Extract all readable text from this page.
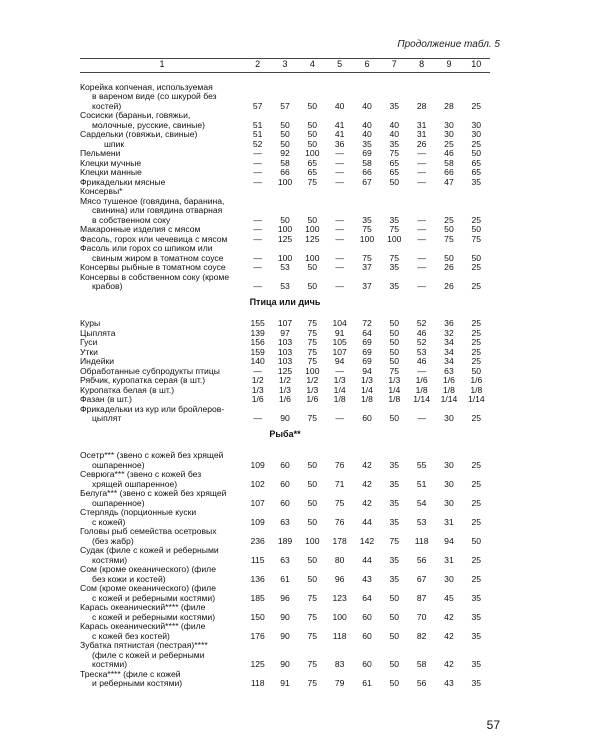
Продолжение табл. 5
1	2	3	4	5	6	7	8	9	10

Корейка копченая, используемая
в вареном виде (со шкурой без
костей)	57	57	50	40	40	35	28	28	25

Сосиски (бараньи, говяжьи,
молочные, русские, свиные)	51	50	50	41	40	40	31	30	30

Сардельки (говяжьи, свиные)	51	50	50	41	40	40	31	30	30

шпик	52	50	50	36	35	35	26	25	25

Пельмени	—	92	100	—	69	75	—	46	50

Клецки мучные	—	58	65	—	58	65	—	58	65

Клецки манные	—	66	65	—	66	65	—	66	65

Фрикадельки мясные	—	100	75	—	67	50	—	47	35

Консервы*									

Мясо тушеное (говядина, баранина,
свинина) или говядина отварная
в собственном соку	—	50	50	—	35	35	—	25	25

Макаронные изделия с мясом	—	100	100	—	75	75	—	50	50

Фасоль, горох или чечевица с мясом	—	125	125	—	100	100	—	75	75

Фасоль или горох со шпиком или
свиным жиром в томатном соусе	—	100	100	—	75	75	—	50	50

Консервы рыбные в томатном соусе	—	53	50	—	37	35	—	26	25

Консервы в собственном соку (кроме
крабов)	—	53	50	—	37	35	—	26	25
Птица или дичь									

Куры	155	107	75	104	72	50	52	36	25

Цыплята	139	97	75	91	64	50	46	32	25

Гуси	156	103	75	105	69	50	52	34	25

Утки	159	103	75	107	69	50	53	34	25

Индейки	140	103	75	94	69	50	46	34	25

Обработанные субпродукты птицы	—	125	100	—	94	75	—	63	50

Рябчик, куропатка серая (в шт.)	1/2	1/2	1/2	1/3	1/3	1/3	1/6	1/6	1/6

Куропатка белая (в шт.)	1/3	1/3	1/3	1/4	1/4	1/4	1/8	1/8	1/8

Фазан (в шт.)	1/6	1/6	1/6	1/8	1/8	1/8	1/14	1/14	1/14

Фрикадельки из кур или бройлеров-
цыплят	—	90	75	—	60	50	—	30	25
Рыба**									

Осетр*** (звено с кожей без хрящей
ошпаренное)	109	60	50	76	42	35	55	30	25

Севрюга*** (звено с кожей без
хрящей ошпаренное)	102	60	50	71	42	35	51	30	25

Белуга*** (звено с кожей без хрящей
ошпаренное)	107	60	50	75	42	35	54	30	25

Стерлядь (порционные куски
с кожей)	109	63	50	76	44	35	53	31	25

Головы рыб семейства осетровых
(без жабр)	236	189	100	178	142	75	118	94	50

Судак (филе с кожей и реберными
костями)	115	63	50	80	44	35	56	31	25

Сом (кроме океанического) (филе
без кожи и костей)	136	61	50	96	43	35	67	30	25

Сом (кроме океанического) (филе
с кожей и реберными костями)	185	96	75	123	64	50	87	45	35

Карась океанический**** (филе
с кожей и реберными костями)	150	90	75	100	60	50	70	42	35

Карась океанический**** (филе
с кожей без костей)	176	90	75	118	60	50	82	42	35

Зубатка пятнистая (пестрая)****
(филе с кожей и реберными
костями)	125	90	75	83	60	50	58	42	35

Треска**** (филе с кожей
и реберными костями)	118	91	75	79	61	50	56	43	35
57
